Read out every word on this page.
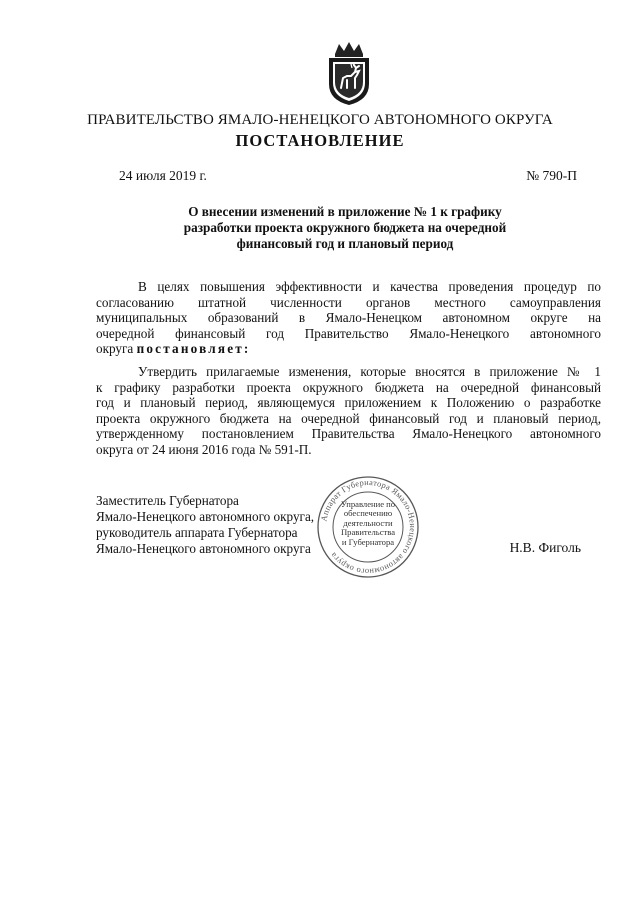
ПРАВИТЕЛЬСТВО ЯМАЛО-НЕНЕЦКОГО АВТОНОМНОГО ОКРУГА
ПОСТАНОВЛЕНИЕ
24 июля 2019 г.	№ 790-П
О внесении изменений в приложение № 1 к графику
разработки проекта окружного бюджета на очередной
финансовый год и плановый период
В целях повышения эффективности и качества проведения процедур по
согласованию штатной численности органов местного самоуправления
муниципальных образований в Ямало-Ненецком автономном округе на
очередной финансовый год Правительство Ямало-Ненецкого автономного
округа постановляет:
Утвердить прилагаемые изменения, которые вносятся в приложение № 1
к графику разработки проекта окружного бюджета на очередной финансовый
год и плановый период, являющемуся приложением к Положению о разработке
проекта окружного бюджета на очередной финансовый год и плановый период,
утвержденному постановлением Правительства Ямало-Ненецкого автономного
округа от 24 июня 2016 года № 591-П.
Заместитель Губернатора
Ямало-Ненецкого автономного округа,
руководитель аппарата Губернатора
Ямало-Ненецкого автономного округа
Аппарат Губернатора Ямало-Ненецкого автономного округа
Управление по
обеспечению
деятельности
Правительства
и Губернатора	Н.В. Фиголь
